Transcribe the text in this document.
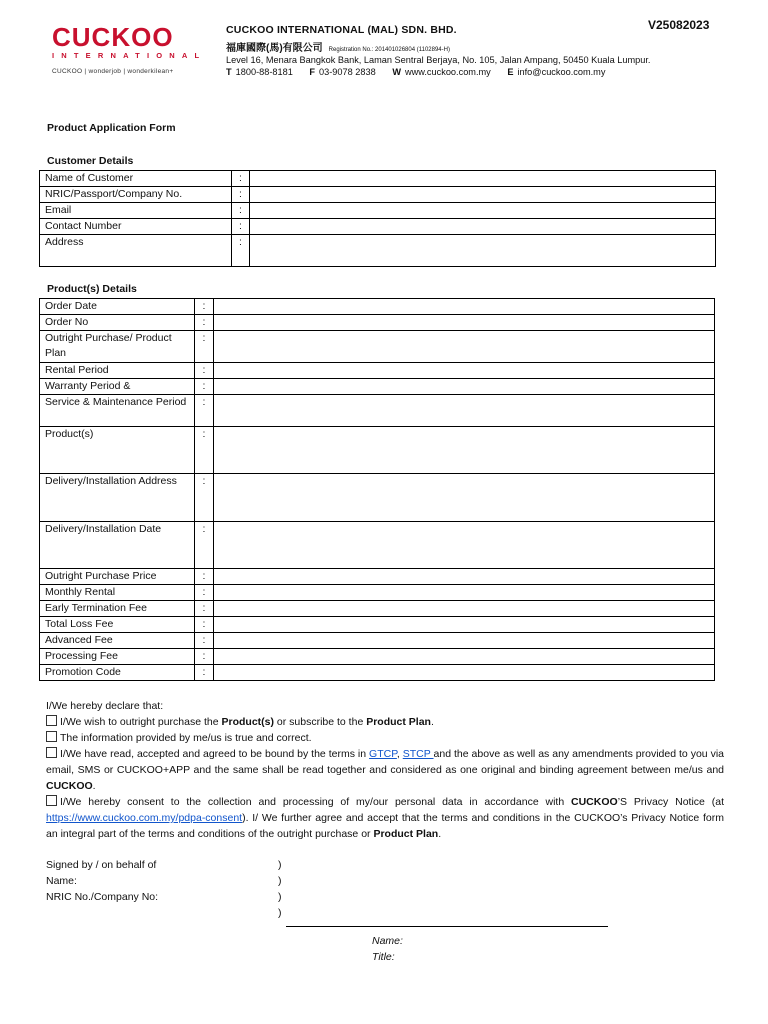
CUCKOO
INTERNATIONAL
CUCKOO | wonderjob | wonderkilean+
CUCKOO INTERNATIONAL (MAL) SDN. BHD.
福庫國際(馬)有限公司 Registration No.: 201401026804 (1102894-H)
Level 16, Menara Bangkok Bank, Laman Sentral Berjaya, No. 105, Jalan Ampang, 50450 Kuala Lumpur.
T 1800-88-8181 F 03-9078 2838 W www.cuckoo.com.my E info@cuckoo.com.my
V25082023
Product Application Form
Customer Details
Name of Customer	:	
NRIC/Passport/Company No.	:	
Email	:	
Contact Number	:	
Address	:	
Product(s) Details
Order Date	:	
Order No	:	
Outright Purchase/ Product Plan	:	
Rental Period	:	
Warranty Period &	:	
Service & Maintenance Period	:	
Product(s)	:	
Delivery/Installation Address	:	
Delivery/Installation Date	:	
Outright Purchase Price	:	
Monthly Rental	:	
Early Termination Fee	:	
Total Loss Fee	:	
Advanced Fee	:	
Processing Fee	:	
Promotion Code	:	

I/We hereby declare that:

I/We wish to outright purchase the Product(s) or subscribe to the Product Plan.

The information provided by me/us is true and correct.

I/We have read, accepted and agreed to be bound by the terms in GTCP, STCP and the above as well as any amendments provided to you via email, SMS or CUCKOO+APP and the same shall be read together and considered as one original and binding agreement between me/us and CUCKOO.

I/We hereby consent to the collection and processing of my/our personal data in accordance with CUCKOO’S Privacy Notice (at https://www.cuckoo.com.my/pdpa-consent). I/ We further agree and accept that the terms and conditions in the CUCKOO’s Privacy Notice form an integral part of the terms and conditions of the outright purchase or Product Plan.

Signed by / on behalf of
Name:
NRIC No./Company No:
)
)
)
)
Name:
Title:
